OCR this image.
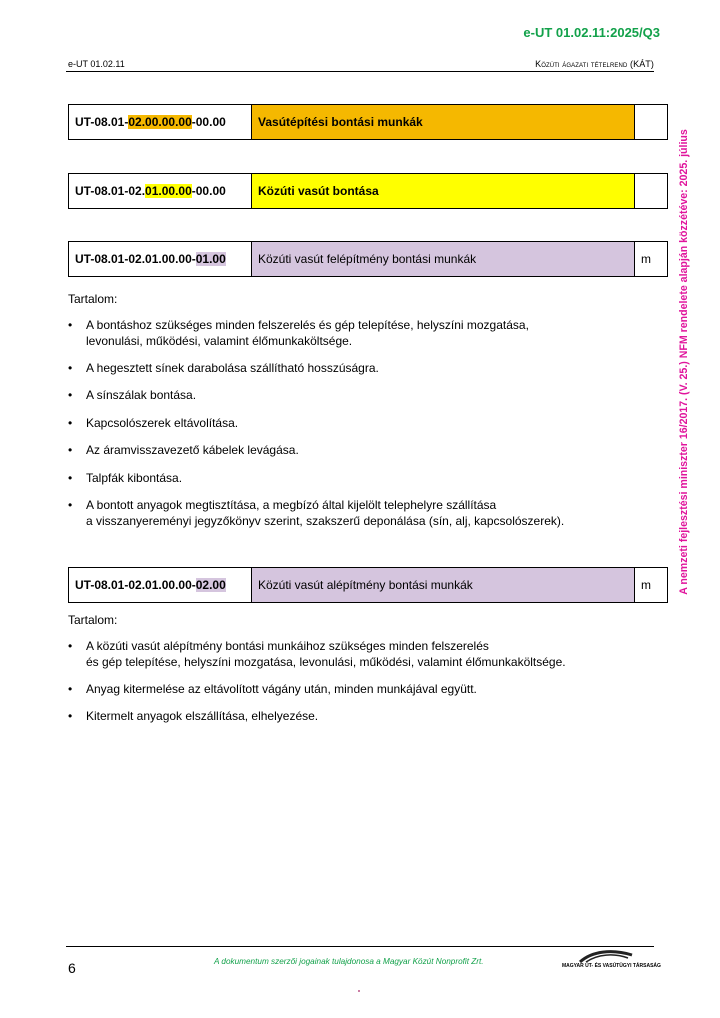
e-UT 01.02.11:2025/Q3
e-UT 01.02.11	Közúti ágazati tételrend (KÁT)
A nemzeti fejlesztési miniszter 16/2017. (V. 25.) NFM rendelete alapján közzétéve: 2025. július
UT-08.01-02.00.00.00-00.00	Vasútépítési bontási munkák	
UT-08.01-02.01.00.00-00.00	Közúti vasút bontása	
UT-08.01-02.01.00.00-01.00	Közúti vasút felépítmény bontási munkák	m
Tartalom:
• A bontáshoz szükséges minden felszerelés és gép telepítése, helyszíni mozgatása,
levonulási, működési, valamint élőmunkaköltsége.
• A hegesztett sínek darabolása szállítható hosszúságra.
• A sínszálak bontása.
• Kapcsolószerek eltávolítása.
• Az áramvisszavezető kábelek levágása.
• Talpfák kibontása.
• A bontott anyagok megtisztítása, a megbízó által kijelölt telephelyre szállítása
a visszanyereményi jegyzőkönyv szerint, szakszerű deponálása (sín, alj, kapcsolószerek).
UT-08.01-02.01.00.00-02.00	Közúti vasút alépítmény bontási munkák	m
Tartalom:
• A közúti vasút alépítmény bontási munkáihoz szükséges minden felszerelés
és gép telepítése, helyszíni mozgatása, levonulási, működési, valamint élőmunkaköltsége.
• Anyag kitermelése az eltávolított vágány után, minden munkájával együtt.
• Kitermelt anyagok elszállítása, elhelyezése.
6	A dokumentum szerzői jogainak tulajdonosa a Magyar Közút Nonprofit Zrt.	MAGYAR ÚT- ÉS VASÚTÜGYI TÁRSASÁG
